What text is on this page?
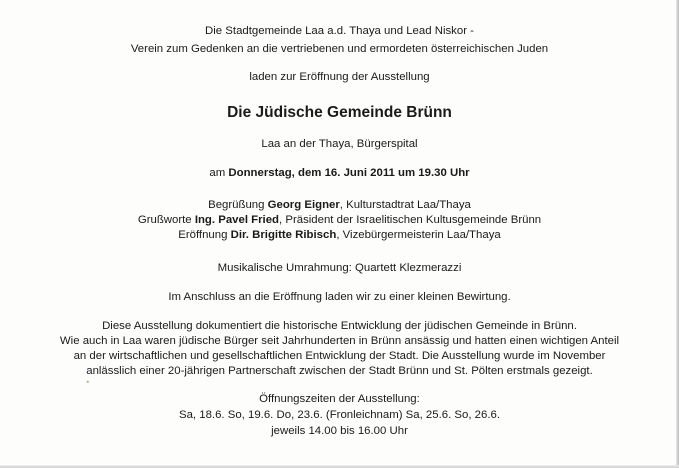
Die Stadtgemeinde Laa a.d. Thaya und Lead Niskor -
Verein zum Gedenken an die vertriebenen und ermordeten österreichischen Juden
laden zur Eröffnung der Ausstellung
Die Jüdische Gemeinde Brünn
Laa an der Thaya, Bürgerspital
am Donnerstag, dem 16. Juni 2011 um 19.30 Uhr
Begrüßung Georg Eigner, Kulturstadtrat Laa/Thaya
Grußworte Ing. Pavel Fried, Präsident der Israelitischen Kultusgemeinde Brünn
Eröffnung Dir. Brigitte Ribisch, Vizebürgermeisterin Laa/Thaya
Musikalische Umrahmung: Quartett Klezmerazzi
Im Anschluss an die Eröffnung laden wir zu einer kleinen Bewirtung.
Diese Ausstellung dokumentiert die historische Entwicklung der jüdischen Gemeinde in Brünn.
Wie auch in Laa waren jüdische Bürger seit Jahrhunderten in Brünn ansässig und hatten einen wichtigen Anteil
an der wirtschaftlichen und gesellschaftlichen Entwicklung der Stadt. Die Ausstellung wurde im November
anlässlich einer 20-jährigen Partnerschaft zwischen der Stadt Brünn und St. Pölten erstmals gezeigt.
Öffnungszeiten der Ausstellung:
Sa, 18.6. So, 19.6. Do, 23.6. (Fronleichnam) Sa, 25.6. So, 26.6.
jeweils 14.00 bis 16.00 Uhr
•
